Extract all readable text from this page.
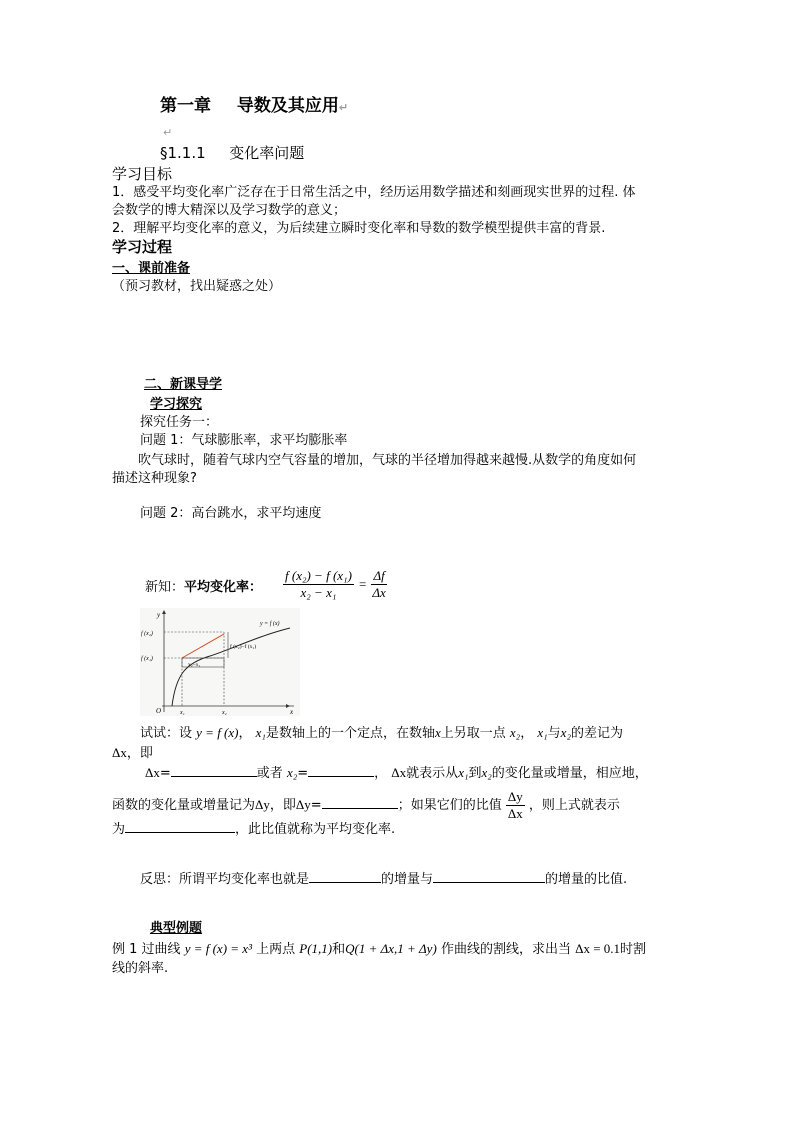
第一章 导数及其应用↵
↵
§1.1.1 变化率问题
学习目标
1．感受平均变化率广泛存在于日常生活之中，经历运用数学描述和刻画现实世界的过程. 体
会数学的博大精深以及学习数学的意义；
2．理解平均变化率的意义，为后续建立瞬时变化率和导数的数学模型提供丰富的背景.
学习过程
一、课前准备
（预习教材，找出疑惑之处）
二、新课导学
学习探究
探究任务一：
问题 1：气球膨胀率，求平均膨胀率
吹气球时，随着气球内空气容量的增加，气球的半径增加得越来越慢.从数学的角度如何
描述这种现象?
问题 2：高台跳水，求平均速度
新知：平均变化率： $\frac{\text{f (x₂) − f (x₁)}}{\text{x₂ − x₁}} = \frac{\Delta f}{\Delta x}$
y
x
O
x₂−x₁
f (x₂)−f (x₁)
y = f (x)
f (x₂)
f (x₁)
x₁	x₂
试试：设 y = f (x)， x₁是数轴上的一个定点，在数轴x上另取一点 x₂， x₁与x₂的差记为
Δx，即
Δx=	或者 x₂=	， Δx就表示从x₁到x₂的变化量或增量，相应地，
函数的变化量或增量记为Δy，即Δy=	；如果它们的比值 $\frac{\Delta y}{\Delta x}$ ，则上式就表示
为	，此比值就称为平均变化率.
反思：所谓平均变化率也就是	的增量与	的增量的比值.
典型例题
例 1 过曲线 y = f (x) = x³ 上两点 P(1,1)和Q(1 + Δx,1 + Δy) 作曲线的割线，求出当 Δx = 0.1时割
线的斜率.
